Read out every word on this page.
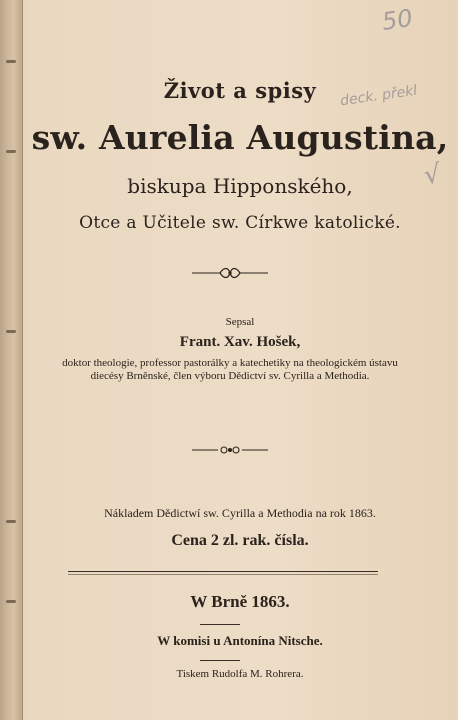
50
deck. překl
√
Život a spisy
sw. Aurelia Augustina,
biskupa Hipponského,
Otce a Učitele sw. Církwe katolické.
Sepsal
Frant. Xav. Hošek,
doktor theologie, professor pastorálky a katechetiky na theologickém ústavu diecésy Brněnské, člen výboru Dědictví sv. Cyrilla a Methodia.
Nákladem Dědictwí sw. Cyrilla a Methodia na rok 1863.
Cena 2 zl. rak. čísla.
W Brně 1863.
W komisi u Antonína Nitsche.
Tiskem Rudolfa M. Rohrera.
